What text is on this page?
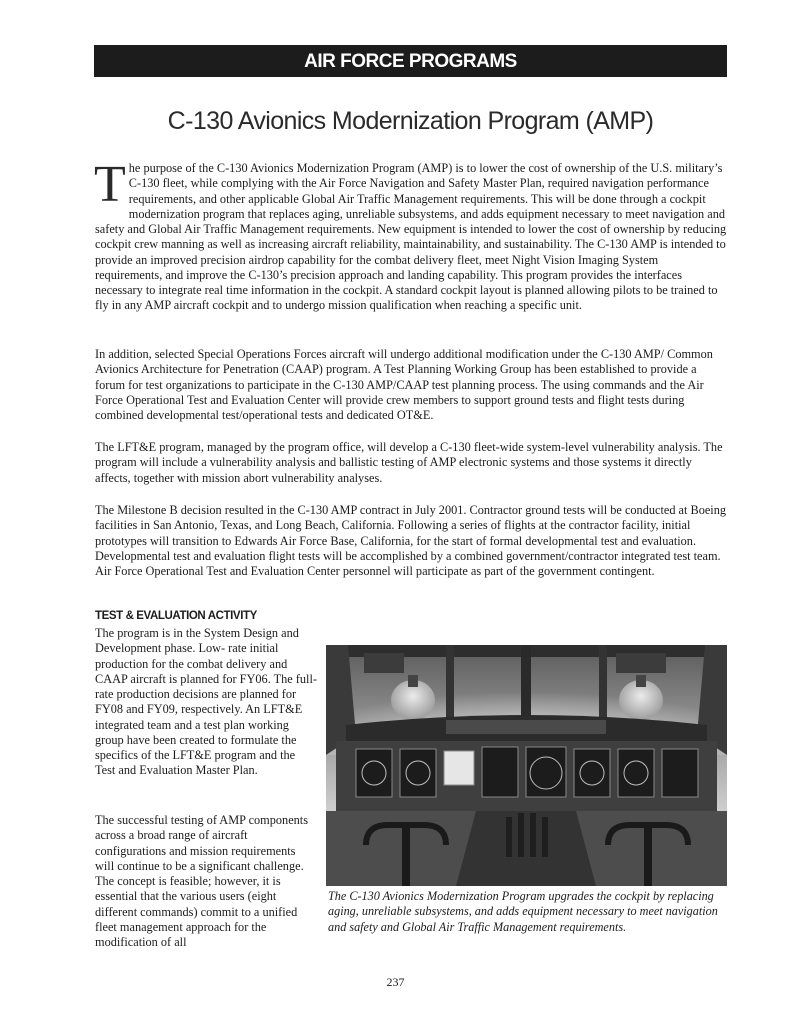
AIR FORCE PROGRAMS
C-130 Avionics Modernization Program (AMP)
The purpose of the C-130 Avionics Modernization Program (AMP) is to lower the cost of ownership of the U.S. military’s C-130 fleet, while complying with the Air Force Navigation and Safety Master Plan, required navigation performance requirements, and other applicable Global Air Traffic Management requirements. This will be done through a cockpit modernization program that replaces aging, unreliable subsystems, and adds equipment necessary to meet navigation and safety and Global Air Traffic Management requirements. New equipment is intended to lower the cost of ownership by reducing cockpit crew manning as well as increasing aircraft reliability, maintainability, and sustainability. The C-130 AMP is intended to provide an improved precision airdrop capability for the combat delivery fleet, meet Night Vision Imaging System requirements, and improve the C-130’s precision approach and landing capability. This program provides the interfaces necessary to integrate real time information in the cockpit. A standard cockpit layout is planned allowing pilots to be trained to fly in any AMP aircraft cockpit and to undergo mission qualification when reaching a specific unit.
In addition, selected Special Operations Forces aircraft will undergo additional modification under the C-130 AMP/ Common Avionics Architecture for Penetration (CAAP) program. A Test Planning Working Group has been established to provide a forum for test organizations to participate in the C-130 AMP/CAAP test planning process. The using commands and the Air Force Operational Test and Evaluation Center will provide crew members to support ground tests and flight tests during combined developmental test/operational tests and dedicated OT&E.
The LFT&E program, managed by the program office, will develop a C-130 fleet-wide system-level vulnerability analysis. The program will include a vulnerability analysis and ballistic testing of AMP electronic systems and those systems it directly affects, together with mission abort vulnerability analyses.
The Milestone B decision resulted in the C-130 AMP contract in July 2001. Contractor ground tests will be conducted at Boeing facilities in San Antonio, Texas, and Long Beach, California. Following a series of flights at the contractor facility, initial prototypes will transition to Edwards Air Force Base, California, for the start of formal developmental test and evaluation. Developmental test and evaluation flight tests will be accomplished by a combined government/contractor integrated test team. Air Force Operational Test and Evaluation Center personnel will participate as part of the government contingent.
TEST & EVALUATION ACTIVITY
The program is in the System Design and Development phase. Low- rate initial production for the combat delivery and CAAP aircraft is planned for FY06. The full-rate production decisions are planned for FY08 and FY09, respectively. An LFT&E integrated team and a test plan working group have been created to formulate the specifics of the LFT&E program and the Test and Evaluation Master Plan.
The successful testing of AMP components across a broad range of aircraft configurations and mission requirements will continue to be a significant challenge. The concept is feasible; however, it is essential that the various users (eight different commands) commit to a unified fleet management approach for the modification of all
The C-130 Avionics Modernization Program upgrades the cockpit by replacing aging, unreliable subsystems, and adds equipment necessary to meet navigation and safety and Global Air Traffic Management requirements.
237
